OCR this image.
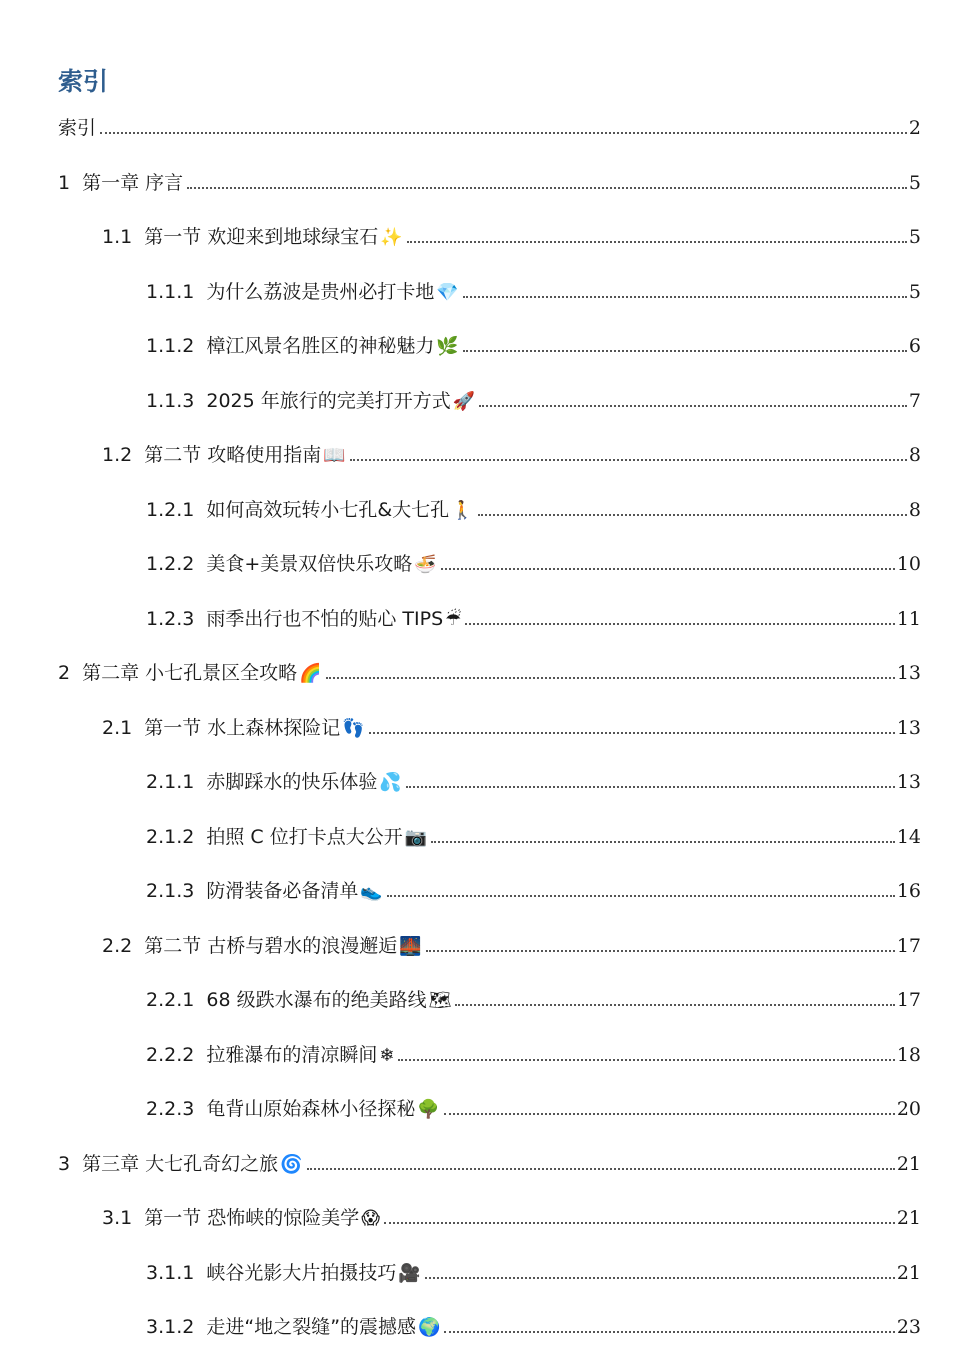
索引
索引	2
1 第一章 序言	5
1.1 第一节 欢迎来到地球绿宝石 ✨	5
1.1.1 为什么荔波是贵州必打卡地 💎	5
1.1.2 樟江风景名胜区的神秘魅力 🌿	6
1.1.3 2025 年旅行的完美打开方式 🚀	7
1.2 第二节 攻略使用指南 📖	8
1.2.1 如何高效玩转小七孔&大七孔 🚶	8
1.2.2 美食+美景双倍快乐攻略 🍜	10
1.2.3 雨季出行也不怕的贴心 TIPS ☔	11
2 第二章 小七孔景区全攻略 🌈	13
2.1 第一节 水上森林探险记 👣	13
2.1.1 赤脚踩水的快乐体验 💦	13
2.1.2 拍照 C 位打卡点大公开 📷	14
2.1.3 防滑装备必备清单 👟	16
2.2 第二节 古桥与碧水的浪漫邂逅 🌉	17
2.2.1 68 级跌水瀑布的绝美路线 🗺	17
2.2.2 拉雅瀑布的清凉瞬间 ❄	18
2.2.3 龟背山原始森林小径探秘 🌳	20
3 第三章 大七孔奇幻之旅 🌀	21
3.1 第一节 恐怖峡的惊险美学 😱	21
3.1.1 峡谷光影大片拍摄技巧 🎥	21
3.1.2 走进“地之裂缝”的震撼感 🌍	23
